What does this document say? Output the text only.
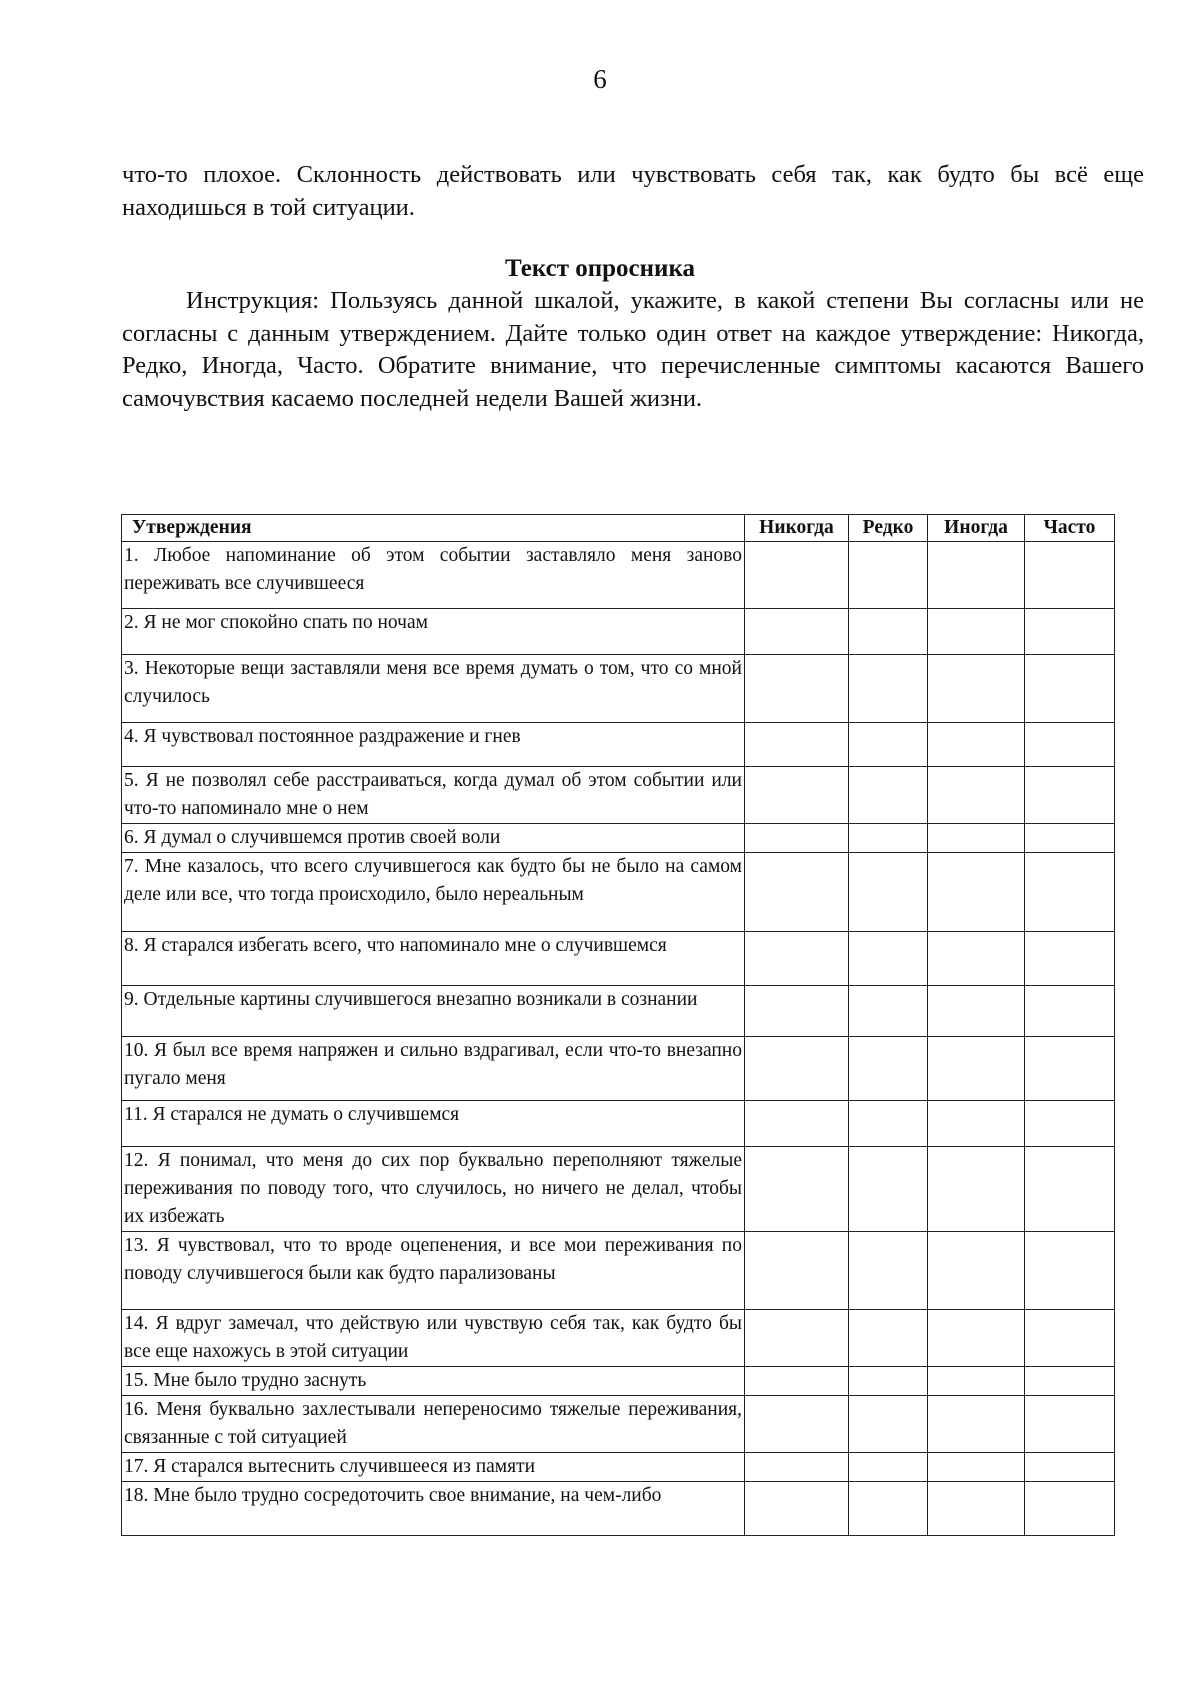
6
что-то плохое. Склонность действовать или чувствовать себя так, как будто бы всё еще находишься в той ситуации.
Текст опросника
Инструкция: Пользуясь данной шкалой, укажите, в какой степени Вы согласны или не согласны с данным утверждением. Дайте только один ответ на каждое утверждение: Никогда, Редко, Иногда, Часто. Обратите внимание, что перечисленные симптомы касаются Вашего самочувствия касаемо последней недели Вашей жизни.
Утверждения	Никогда	Редко	Иногда	Часто
1. Любое напоминание об этом событии заставляло меня заново переживать все случившееся				
2. Я не мог спокойно спать по ночам				
3. Некоторые вещи заставляли меня все время думать о том, что со мной случилось				
4. Я чувствовал постоянное раздражение и гнев				
5. Я не позволял себе расстраиваться, когда думал об этом событии или что-то напоминало мне о нем				
6. Я думал о случившемся против своей воли				
7. Мне казалось, что всего случившегося как будто бы не было на самом деле или все, что тогда происходило, было нереальным				
8. Я старался избегать всего, что напоминало мне о случившемся				
9. Отдельные картины случившегося внезапно возникали в сознании				
10. Я был все время напряжен и сильно вздрагивал, если что-то внезапно пугало меня				
11. Я старался не думать о случившемся				
12. Я понимал, что меня до сих пор буквально переполняют тяжелые переживания по поводу того, что случилось, но ничего не делал, чтобы их избежать				
13. Я чувствовал, что то вроде оцепенения, и все мои переживания по поводу случившегося были как будто парализованы				
14. Я вдруг замечал, что действую или чувствую себя так, как будто бы все еще нахожусь в этой ситуации				
15. Мне было трудно заснуть				
16. Меня буквально захлестывали непереносимо тяжелые переживания, связанные с той ситуацией				
17. Я старался вытеснить случившееся из памяти				
18. Мне было трудно сосредоточить свое внимание, на чем-либо				
